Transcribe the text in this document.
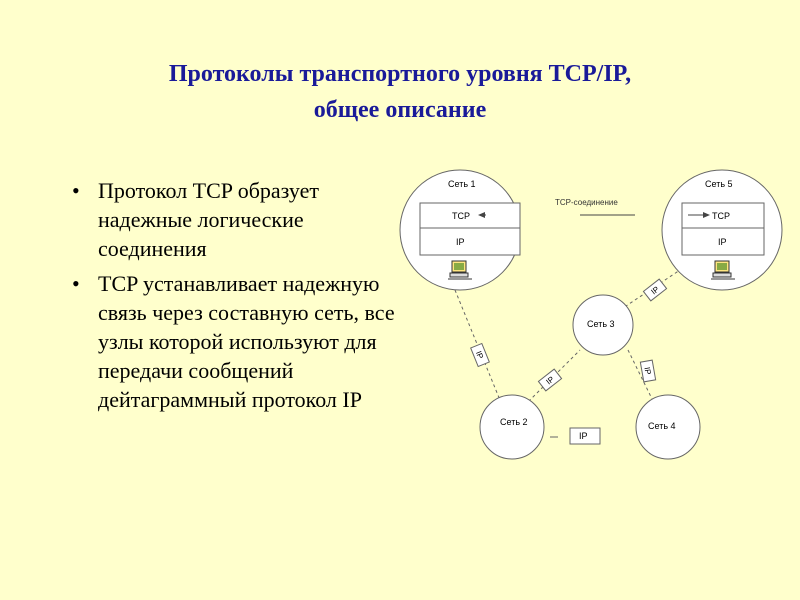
Протоколы транспортного уровня TCP/IP,
общее описание
• Протокол TCP образует надежные логические соединения
• TCP устанавливает надежную связь через составную сеть, все узлы которой используют для передачи сообщений дейтаграммный протокол IP
Сеть 1	Сеть 5
Сеть 3
Сеть 2	Сеть 4
TCP
IP
TCP
IP
TCP-соединение
IP
IP
IP
IP
IP
